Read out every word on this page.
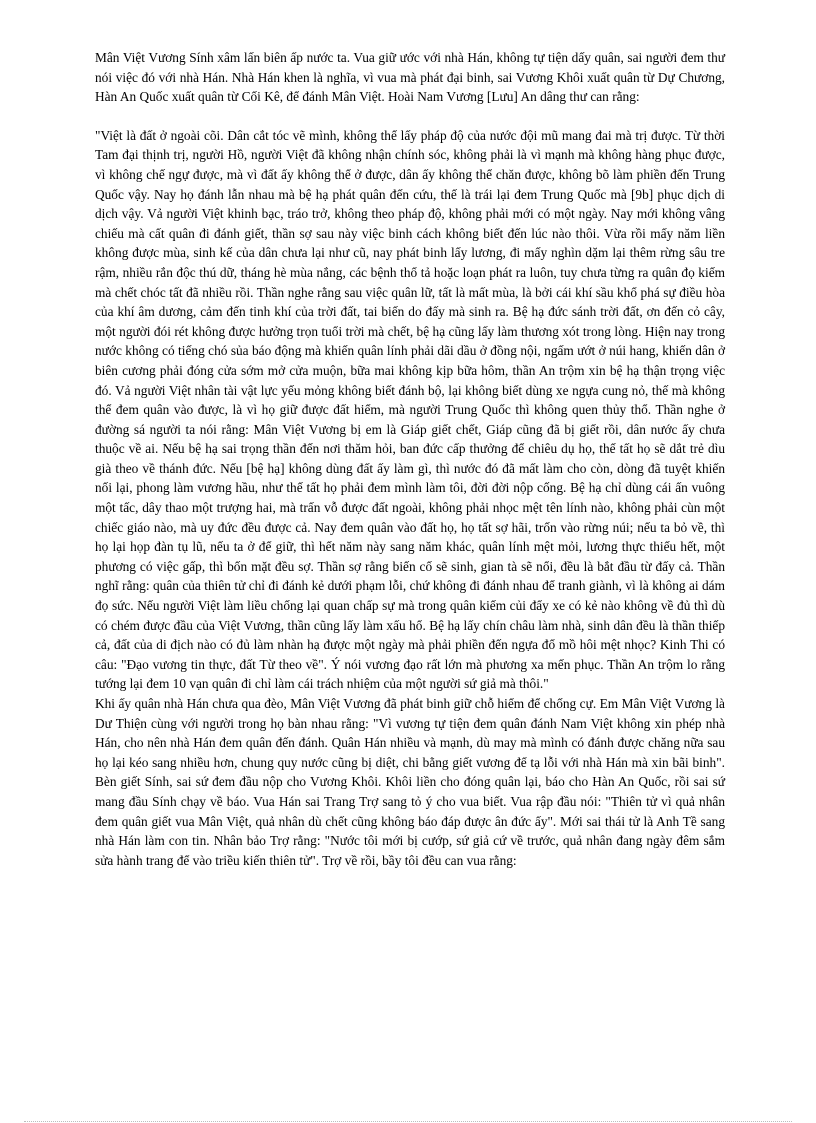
Mân Việt Vương Sính xâm lấn biên ấp nước ta. Vua giữ ước với nhà Hán, không tự tiện dấy quân, sai người đem thư nói việc đó với nhà Hán. Nhà Hán khen là nghĩa, vì vua mà phát đại binh, sai Vương Khôi xuất quân từ Dự Chương, Hàn An Quốc xuất quân từ Cối Kê, để đánh Mân Việt. Hoài Nam Vương [Lưu] An dâng thư can rằng:

"Việt là đất ở ngoài cõi. Dân cắt tóc vẽ mình, không thể lấy pháp độ của nước đội mũ mang đai mà trị được. Từ thời Tam đại thịnh trị, người Hồ, người Việt đã không nhận chính sóc, không phải là vì mạnh mà không hàng phục được, vì không chế ngự được, mà vì đất ấy không thể ở được, dân ấy không thể chăn được, không bõ làm phiền đến Trung Quốc vậy. Nay họ đánh lẫn nhau mà bệ hạ phát quân đến cứu, thế là trái lại đem Trung Quốc mà [9b] phục dịch di dịch vậy. Vả người Việt khinh bạc, tráo trở, không theo pháp độ, không phải mới có một ngày. Nay mới không vâng chiếu mà cất quân đi đánh giết, thần sợ sau này việc binh cách không biết đến lúc nào thôi. Vừa rồi mấy năm liền không được mùa, sinh kế của dân chưa lại như cũ, nay phát binh lấy lương, đi mấy nghìn dặm lại thêm rừng sâu tre rậm, nhiều rắn độc thú dữ, tháng hè mùa nắng, các bệnh thổ tả hoặc loạn phát ra luôn, tuy chưa từng ra quân đọ kiếm mà chết chóc tất đã nhiều rồi. Thần nghe rằng sau việc quân lữ, tất là mất mùa, là bởi cái khí sầu khổ phá sự điều hòa của khí âm dương, cảm đến tinh khí của trời đất, tai biến do đấy mà sinh ra. Bệ hạ đức sánh trời đất, ơn đến cỏ cây, một người đói rét không được hưởng trọn tuổi trời mà chết, bệ hạ cũng lấy làm thương xót trong lòng. Hiện nay trong nước không có tiếng chó sủa báo động mà khiến quân lính phải dãi dầu ở đồng nội, ngấm ướt ở núi hang, khiến dân ở biên cương phải đóng cửa sớm mở cửa muộn, bữa mai không kịp bữa hôm, thần An trộm xin bệ hạ thận trọng việc đó. Vả người Việt nhân tài vật lực yếu mỏng không biết đánh bộ, lại không biết dùng xe ngựa cung nỏ, thế mà không thể đem quân vào được, là vì họ giữ được đất hiểm, mà người Trung Quốc thì không quen thủy thổ. Thần nghe ở đường sá người ta nói rằng: Mân Việt Vương bị em là Giáp giết chết, Giáp cũng đã bị giết rồi, dân nước ấy chưa thuộc về ai. Nếu bệ hạ sai trọng thần đến nơi thăm hỏi, ban đức cấp thưởng để chiêu dụ họ, thế tất họ sẽ dắt trẻ dìu già theo về thánh đức. Nếu [bệ hạ] không dùng đất ấy làm gì, thì nước đó đã mất làm cho còn, dòng đã tuyệt khiến nối lại, phong làm vương hầu, như thế tất họ phải đem mình làm tôi, đời đời nộp cống. Bệ hạ chỉ dùng cái ấn vuông một tấc, dây thao một trượng hai, mà trấn vỗ được đất ngoài, không phải nhọc mệt tên lính nào, không phải cùn một chiếc giáo nào, mà uy đức đều được cả. Nay đem quân vào đất họ, họ tất sợ hãi, trốn vào rừng núi; nếu ta bỏ về, thì họ lại họp đàn tụ lũ, nếu ta ở để giữ, thì hết năm này sang năm khác, quân lính mệt mỏi, lương thực thiếu hết, một phương có việc gấp, thì bốn mặt đều sợ. Thần sợ rằng biến cố sẽ sinh, gian tà sẽ nổi, đều là bắt đầu từ đấy cả. Thần nghĩ rằng: quân của thiên tử chỉ đi đánh kẻ dưới phạm lỗi, chứ không đi đánh nhau để tranh giành, vì là không ai dám đọ sức. Nếu người Việt làm liều chống lại quan chấp sự mà trong quân kiếm củi đẩy xe có kẻ nào không về đủ thì dù có chém được đầu của Việt Vương, thần cũng lấy làm xấu hổ. Bệ hạ lấy chín châu làm nhà, sinh dân đều là thần thiếp cả, đất của di địch nào có đủ làm nhàn hạ được một ngày mà phải phiền đến ngựa đổ mồ hôi mệt nhọc? Kinh Thi có câu: "Đạo vương tin thực, đất Từ theo về". Ý nói vương đạo rất lớn mà phương xa mến phục. Thần An trộm lo rằng tướng lại đem 10 vạn quân đi chỉ làm cái trách nhiệm của một người sứ giả mà thôi."

Khi ấy quân nhà Hán chưa qua đèo, Mân Việt Vương đã phát binh giữ chỗ hiểm để chống cự. Em Mân Việt Vương là Dư Thiện cùng với người trong họ bàn nhau rằng: "Vì vương tự tiện đem quân đánh Nam Việt không xin phép nhà Hán, cho nên nhà Hán đem quân đến đánh. Quân Hán nhiều và mạnh, dù may mà mình có đánh được chăng nữa sau họ lại kéo sang nhiều hơn, chung quy nước cũng bị diệt, chi bằng giết vương để tạ lỗi với nhà Hán mà xin bãi binh". Bèn giết Sính, sai sứ đem đầu nộp cho Vương Khôi. Khôi liền cho đóng quân lại, báo cho Hàn An Quốc, rồi sai sứ mang đầu Sính chạy về báo. Vua Hán sai Trang Trợ sang tỏ ý cho vua biết. Vua rập đầu nói: "Thiên tử vì quả nhân đem quân giết vua Mân Việt, quả nhân dù chết cũng không báo đáp được ân đức ấy". Mới sai thái tử là Anh Tề sang nhà Hán làm con tin. Nhân bảo Trợ rằng: "Nước tôi mới bị cướp, sứ giả cứ về trước, quả nhân đang ngày đêm sắm sửa hành trang để vào triều kiến thiên tử". Trợ về rồi, bầy tôi đều can vua rằng:
